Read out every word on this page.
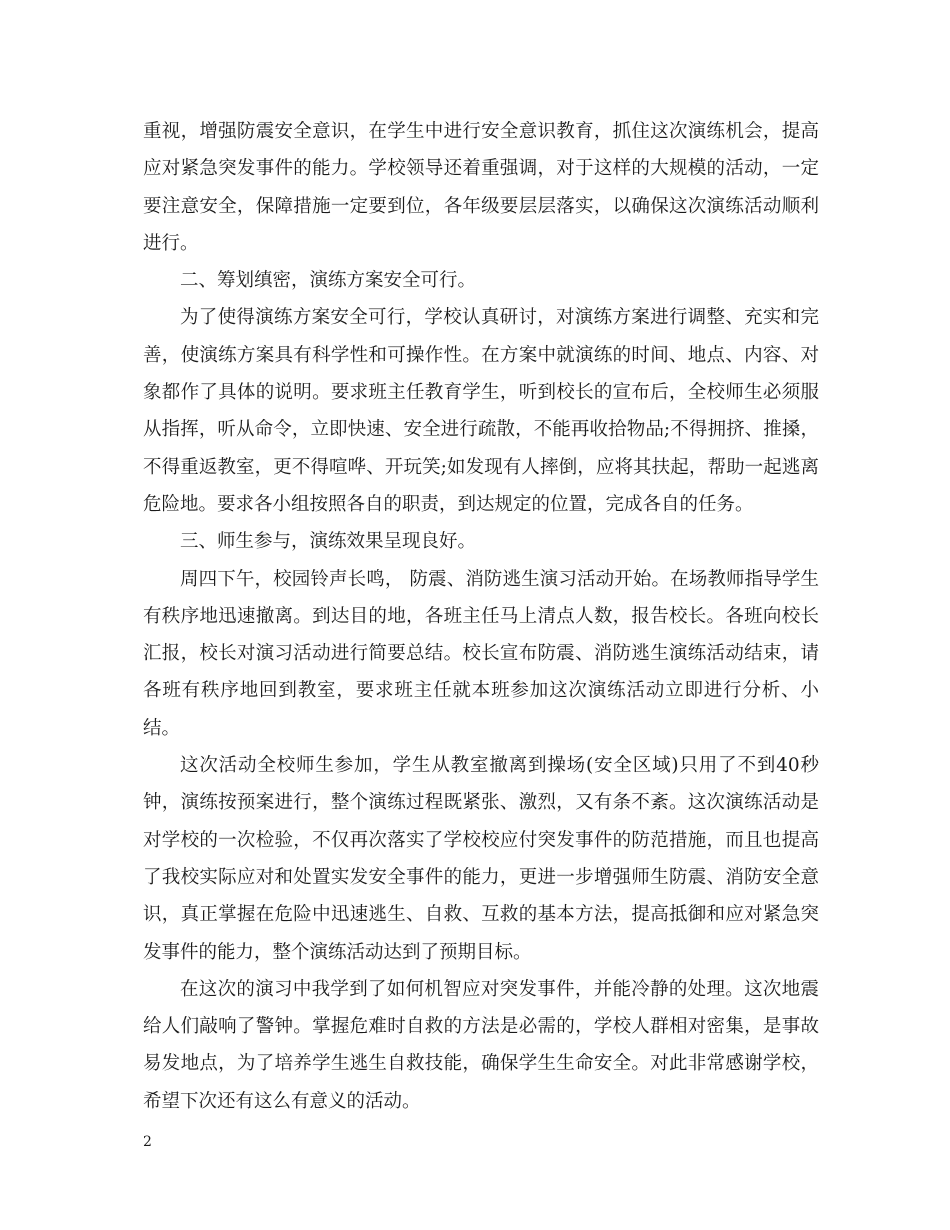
重视，增强防震安全意识，在学生中进行安全意识教育，抓住这次演练机会，提高应对紧急突发事件的能力。学校领导还着重强调，对于这样的大规模的活动，一定要注意安全，保障措施一定要到位，各年级要层层落实，以确保这次演练活动顺利进行。

二、筹划缜密，演练方案安全可行。

为了使得演练方案安全可行，学校认真研讨，对演练方案进行调整、充实和完善，使演练方案具有科学性和可操作性。在方案中就演练的时间、地点、内容、对象都作了具体的说明。要求班主任教育学生，听到校长的宣布后，全校师生必须服从指挥，听从命令，立即快速、安全进行疏散，不能再收拾物品;不得拥挤、推搡，不得重返教室，更不得喧哗、开玩笑;如发现有人摔倒，应将其扶起，帮助一起逃离危险地。要求各小组按照各自的职责，到达规定的位置，完成各自的任务。

三、师生参与，演练效果呈现良好。

周四下午，校园铃声长鸣， 防震、消防逃生演习活动开始。在场教师指导学生有秩序地迅速撤离。到达目的地，各班主任马上清点人数，报告校长。各班向校长汇报，校长对演习活动进行简要总结。校长宣布防震、消防逃生演练活动结束，请各班有秩序地回到教室，要求班主任就本班参加这次演练活动立即进行分析、小结。

这次活动全校师生参加，学生从教室撤离到操场(安全区域)只用了不到40秒钟，演练按预案进行，整个演练过程既紧张、激烈，又有条不紊。这次演练活动是对学校的一次检验，不仅再次落实了学校校应付突发事件的防范措施，而且也提高了我校实际应对和处置实发安全事件的能力，更进一步增强师生防震、消防安全意识，真正掌握在危险中迅速逃生、自救、互救的基本方法，提高抵御和应对紧急突发事件的能力，整个演练活动达到了预期目标。

在这次的演习中我学到了如何机智应对突发事件，并能冷静的处理。这次地震给人们敲响了警钟。掌握危难时自救的方法是必需的，学校人群相对密集，是事故易发地点，为了培养学生逃生自救技能，确保学生生命安全。对此非常感谢学校，希望下次还有这么有意义的活动。

2
